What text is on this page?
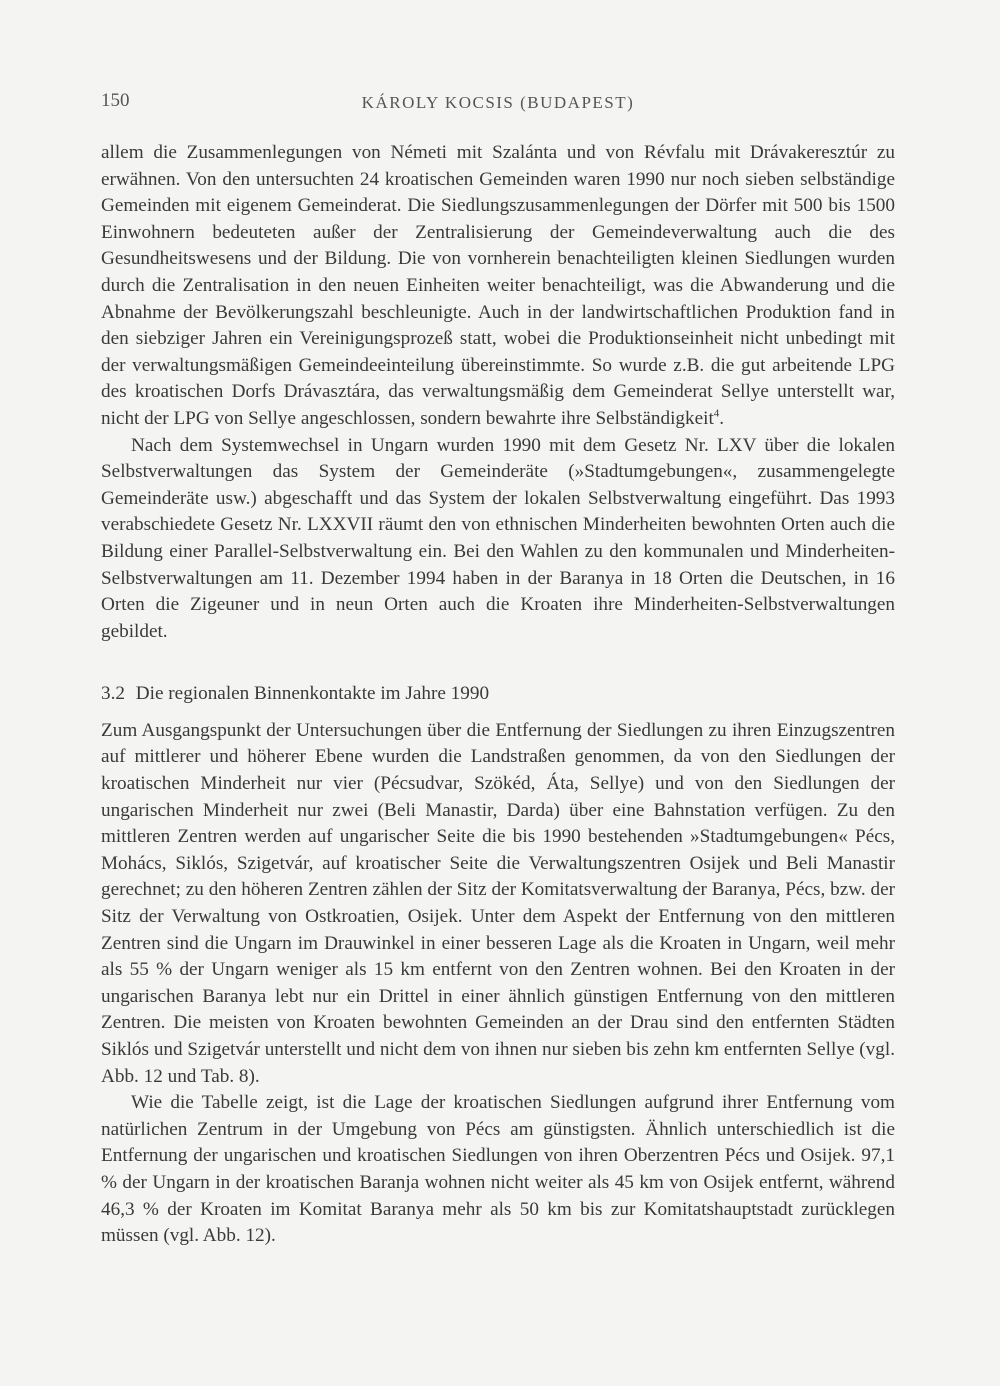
150	KÁROLY KOCSIS (BUDAPEST)

allem die Zusammenlegungen von Németi mit Szalánta und von Révfalu mit Drávakeresztúr zu erwähnen. Von den untersuchten 24 kroatischen Gemeinden waren 1990 nur noch sieben selbständige Gemeinden mit eigenem Gemeinderat. Die Siedlungszusammenlegungen der Dörfer mit 500 bis 1500 Einwohnern bedeuteten außer der Zentralisierung der Gemeindeverwaltung auch die des Gesundheitswesens und der Bildung. Die von vornherein benachteiligten kleinen Siedlungen wurden durch die Zentralisation in den neuen Einheiten weiter benachteiligt, was die Abwanderung und die Abnahme der Bevölkerungszahl beschleunigte. Auch in der landwirtschaftlichen Produktion fand in den siebziger Jahren ein Vereinigungsprozeß statt, wobei die Produktionseinheit nicht unbedingt mit der verwaltungsmäßigen Gemeindeeinteilung übereinstimmte. So wurde z.B. die gut arbeitende LPG des kroatischen Dorfs Drávasztára, das verwaltungsmäßig dem Gemeinderat Sellye unterstellt war, nicht der LPG von Sellye angeschlossen, sondern bewahrte ihre Selbständigkeit$^4$.

Nach dem Systemwechsel in Ungarn wurden 1990 mit dem Gesetz Nr. LXV über die lokalen Selbstverwaltungen das System der Gemeinderäte (»Stadtumgebungen«, zusammengelegte Gemeinderäte usw.) abgeschafft und das System der lokalen Selbstverwaltung eingeführt. Das 1993 verabschiedete Gesetz Nr. LXXVII räumt den von ethnischen Minderheiten bewohnten Orten auch die Bildung einer Parallel-Selbstverwaltung ein. Bei den Wahlen zu den kommunalen und Minderheiten-Selbstverwaltungen am 11. Dezember 1994 haben in der Baranya in 18 Orten die Deutschen, in 16 Orten die Zigeuner und in neun Orten auch die Kroaten ihre Minderheiten-Selbstverwaltungen gebildet.

3.2 Die regionalen Binnenkontakte im Jahre 1990

Zum Ausgangspunkt der Untersuchungen über die Entfernung der Siedlungen zu ihren Einzugszentren auf mittlerer und höherer Ebene wurden die Landstraßen genommen, da von den Siedlungen der kroatischen Minderheit nur vier (Pécsudvar, Szökéd, Áta, Sellye) und von den Siedlungen der ungarischen Minderheit nur zwei (Beli Manastir, Darda) über eine Bahnstation verfügen. Zu den mittleren Zentren werden auf ungarischer Seite die bis 1990 bestehenden »Stadtumgebungen« Pécs, Mohács, Siklós, Szigetvár, auf kroatischer Seite die Verwaltungszentren Osijek und Beli Manastir gerechnet; zu den höheren Zentren zählen der Sitz der Komitatsverwaltung der Baranya, Pécs, bzw. der Sitz der Verwaltung von Ostkroatien, Osijek. Unter dem Aspekt der Entfernung von den mittleren Zentren sind die Ungarn im Drauwinkel in einer besseren Lage als die Kroaten in Ungarn, weil mehr als 55 % der Ungarn weniger als 15 km entfernt von den Zentren wohnen. Bei den Kroaten in der ungarischen Baranya lebt nur ein Drittel in einer ähnlich günstigen Entfernung von den mittleren Zentren. Die meisten von Kroaten bewohnten Gemeinden an der Drau sind den entfernten Städten Siklós und Szigetvár unterstellt und nicht dem von ihnen nur sieben bis zehn km entfernten Sellye (vgl. Abb. 12 und Tab. 8).

Wie die Tabelle zeigt, ist die Lage der kroatischen Siedlungen aufgrund ihrer Entfernung vom natürlichen Zentrum in der Umgebung von Pécs am günstigsten. Ähnlich unterschiedlich ist die Entfernung der ungarischen und kroatischen Siedlungen von ihren Oberzentren Pécs und Osijek. 97,1 % der Ungarn in der kroatischen Baranja wohnen nicht weiter als 45 km von Osijek entfernt, während 46,3 % der Kroaten im Komitat Baranya mehr als 50 km bis zur Komitatshauptstadt zurücklegen müssen (vgl. Abb. 12).
